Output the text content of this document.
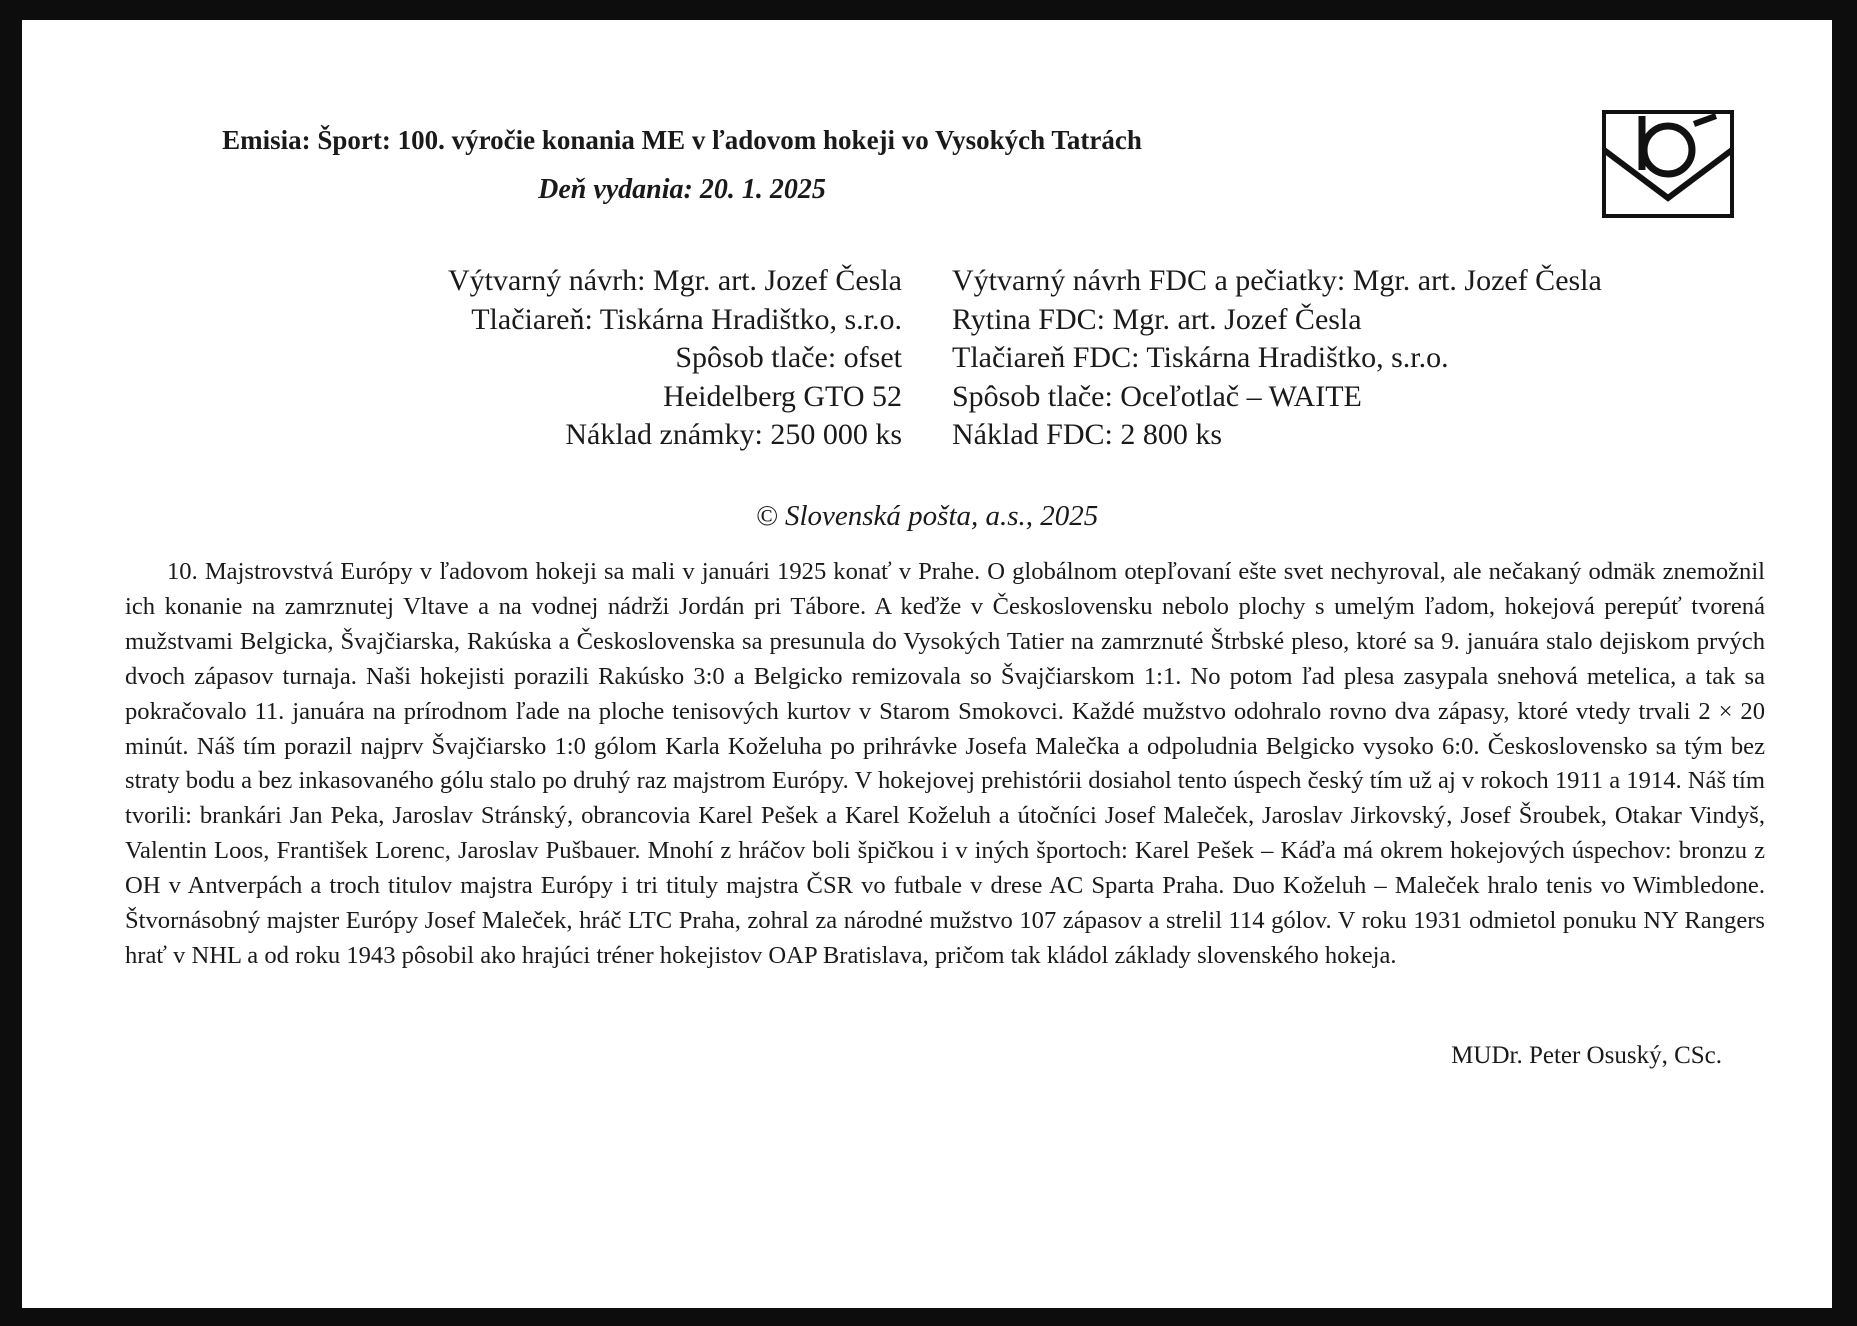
Emisia: Šport: 100. výročie konania ME v ľadovom hokeji vo Vysokých Tatrách
Deň vydania: 20. 1. 2025
Výtvarný návrh: Mgr. art. Jozef Česla
Tlačiareň: Tiskárna Hradištko, s.r.o.
Spôsob tlače: ofset
Heidelberg GTO 52
Náklad známky: 250 000 ks
Výtvarný návrh FDC a pečiatky: Mgr. art. Jozef Česla
Rytina FDC: Mgr. art. Jozef Česla
Tlačiareň FDC: Tiskárna Hradištko, s.r.o.
Spôsob tlače: Oceľotlač – WAITE
Náklad FDC: 2 800 ks
© Slovenská pošta, a.s., 2025

10. Majstrovstvá Európy v ľadovom hokeji sa mali v januári 1925 konať v Prahe. O globálnom otepľovaní ešte svet nechyroval, ale nečakaný odmäk znemožnil ich konanie na zamrznutej Vltave a na vodnej nádrži Jordán pri Tábore. A keďže v Československu nebolo plochy s umelým ľadom, hokejová perepúť tvorená mužstvami Belgicka, Švajčiarska, Rakúska a Československa sa presunula do Vysokých Tatier na zamrznuté Štrbské pleso, ktoré sa 9. januára stalo dejiskom prvých dvoch zápasov turnaja. Naši hokejisti porazili Rakúsko 3:0 a Belgicko remizovala so Švajčiarskom 1:1. No potom ľad plesa zasypala snehová metelica, a tak sa pokračovalo 11. januára na prírodnom ľade na ploche tenisových kurtov v Starom Smokovci. Každé mužstvo odohralo rovno dva zápasy, ktoré vtedy trvali 2 × 20 minút. Náš tím porazil najprv Švajčiarsko 1:0 gólom Karla Koželuha po prihrávke Josefa Malečka a odpoludnia Belgicko vysoko 6:0. Československo sa tým bez straty bodu a bez inkasovaného gólu stalo po druhý raz majstrom Európy. V hokejovej prehistórii dosiahol tento úspech český tím už aj v rokoch 1911 a 1914. Náš tím tvorili: brankári Jan Peka, Jaroslav Stránský, obrancovia Karel Pešek a Karel Koželuh a útočníci Josef Maleček, Jaroslav Jirkovský, Josef Šroubek, Otakar Vindyš, Valentin Loos, František Lorenc, Jaroslav Pušbauer. Mnohí z hráčov boli špičkou i v iných športoch: Karel Pešek – Káďa má okrem hokejových úspechov: bronzu z OH v Antverpách a troch titulov majstra Európy i tri tituly majstra ČSR vo futbale v drese AC Sparta Praha. Duo Koželuh – Maleček hralo tenis vo Wimbledone. Štvornásobný majster Európy Josef Maleček, hráč LTC Praha, zohral za národné mužstvo 107 zápasov a strelil 114 gólov. V roku 1931 odmietol ponuku NY Rangers hrať v NHL a od roku 1943 pôsobil ako hrajúci tréner hokejistov OAP Bratislava, pričom tak kládol základy slovenského hokeja.

MUDr. Peter Osuský, CSc.
